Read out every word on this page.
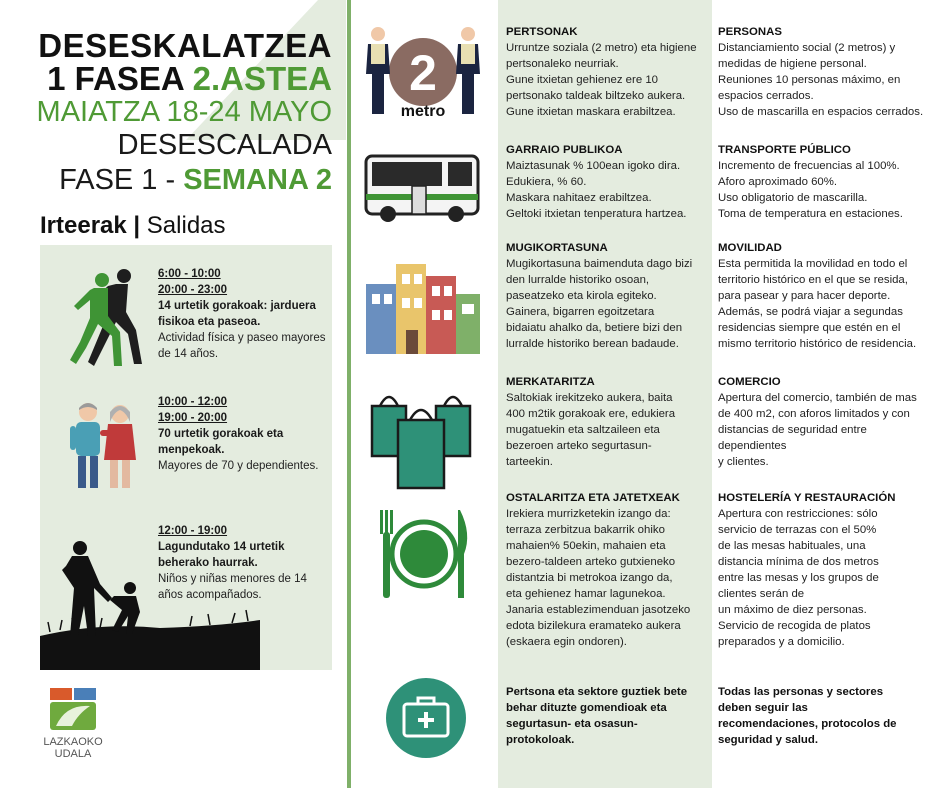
DESESKALATZEA
1 FASEA 2.ASTEA
MAIATZA 18-24 MAYO
DESESCALADA
FASE 1 - SEMANA 2
Irteerak | Salidas
6:00 - 10:00
20:00 - 23:00
14 urtetik gorakoak: jarduera fisikoa eta paseoa.
Actividad física y paseo mayores de 14 años.
10:00 - 12:00
19:00 - 20:00
70 urtetik gorakoak eta menpekoak.
Mayores de 70 y dependientes.
12:00 - 19:00
Lagundutako 14 urtetik beherako haurrak.
Niños y niñas menores de 14 años acompañados.
LAZKAOKO
UDALA
2
metro
PERTSONAK
Urruntze soziala (2 metro) eta higiene
pertsonaleko neurriak.
Gune itxietan gehienez ere 10
pertsonako taldeak biltzeko aukera.
Gune itxietan maskara erabiltzea.
GARRAIO PUBLIKOA
Maiztasunak % 100ean igoko dira.
Edukiera, % 60.
Maskara nahitaez erabiltzea.
Geltoki itxietan tenperatura hartzea.
MUGIKORTASUNA
Mugikortasuna baimenduta dago bizi
den lurralde historiko osoan,
paseatzeko eta kirola egiteko.
Gainera, bigarren egoitzetara
bidaiatu ahalko da, betiere bizi den
lurralde historiko berean badaude.
MERKATARITZA
Saltokiak irekitzeko aukera, baita
400 m2tik gorakoak ere, edukiera
mugatuekin eta saltzaileen eta
bezeroen arteko segurtasun-
tarteekin.
OSTALARITZA ETA JATETXEAK
Irekiera murrizketekin izango da:
terraza zerbitzua bakarrik ohiko
mahaien% 50ekin, mahaien eta
bezero-taldeen arteko gutxieneko
distantzia bi metrokoa izango da,
eta gehienez hamar lagunekoa.
Janaria establezimenduan jasotzeko
edota bizilekura eramateko aukera
(eskaera egin ondoren).
Pertsona eta sektore guztiek bete
behar dituzte gomendioak eta
segurtasun- eta osasun-
protokoloak.
PERSONAS
Distanciamiento social (2 metros) y
medidas de higiene personal.
Reuniones 10 personas máximo, en
espacios cerrados.
Uso de mascarilla en espacios cerrados.
TRANSPORTE PÚBLICO
Incremento de frecuencias al 100%.
Aforo aproximado 60%.
Uso obligatorio de mascarilla.
Toma de temperatura en estaciones.
MOVILIDAD
Esta permitida la movilidad en todo el
territorio histórico en el que se resida,
para pasear y para hacer deporte.
Además, se podrá viajar a segundas
residencias siempre que estén en el
mismo territorio histórico de residencia.
COMERCIO
Apertura del comercio, también de mas
de 400 m2, con aforos limitados y con
distancias de seguridad entre
dependientes
y clientes.
HOSTELERÍA Y RESTAURACIÓN
Apertura con restricciones: sólo
servicio de terrazas con el 50%
de las mesas habituales, una
distancia mínima de dos metros
entre las mesas y los grupos de
clientes serán de
un máximo de diez personas.
Servicio de recogida de platos
preparados y a domicilio.
Todas las personas y sectores
deben seguir las
recomendaciones, protocolos de
seguridad y salud.
